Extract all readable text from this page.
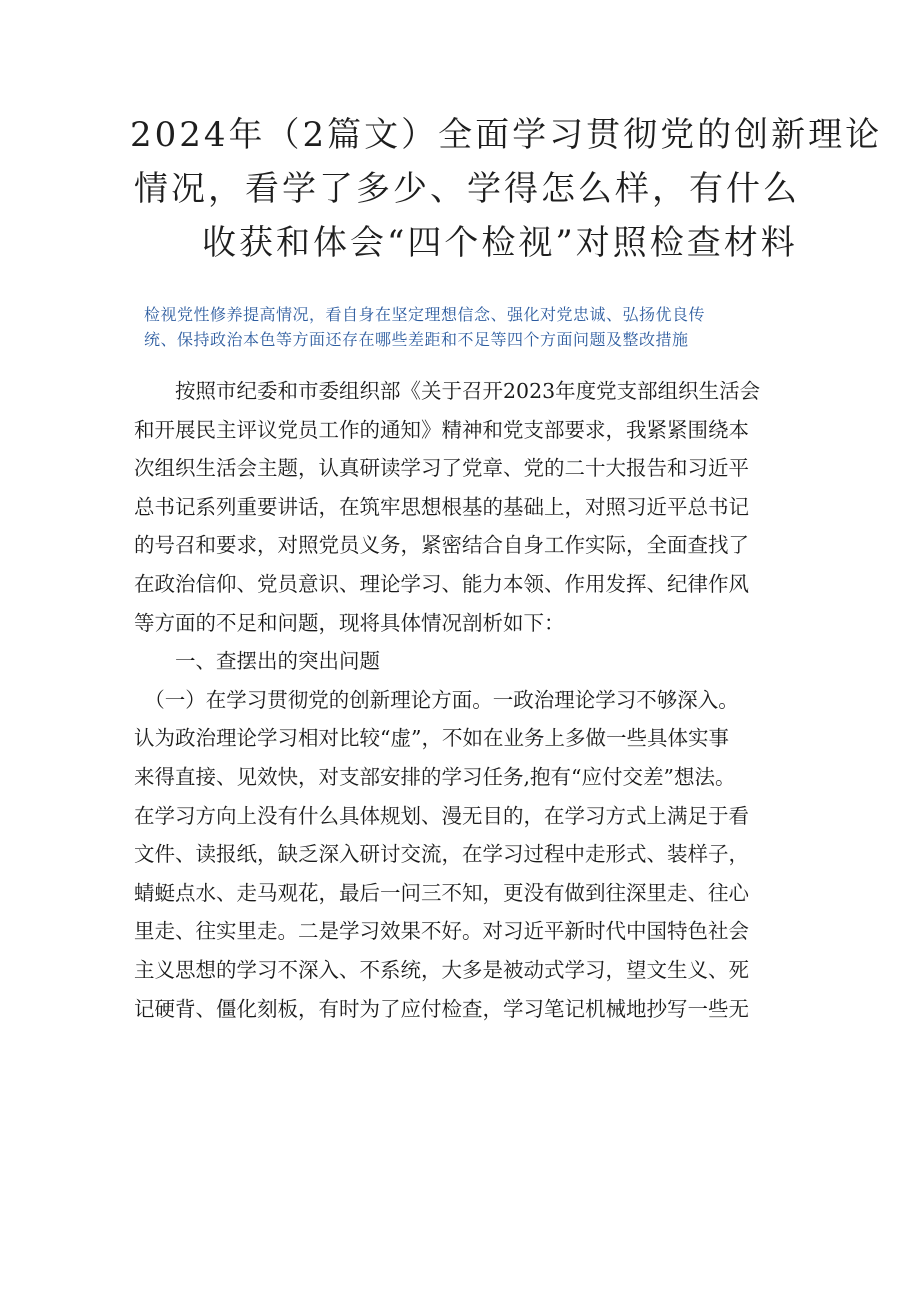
2024年（2篇文）全面学习贯彻党的创新理论
情况，看学了多少、学得怎么样，有什么
收获和体会“四个检视”对照检查材料
检视党性修养提高情况，看自身在坚定理想信念、强化对党忠诚、弘扬优良传
统、保持政治本色等方面还存在哪些差距和不足等四个方面问题及整改措施
　　按照市纪委和市委组织部《关于召开2023年度党支部组织生活会
和开展民主评议党员工作的通知》精神和党支部要求，我紧紧围绕本
次组织生活会主题，认真研读学习了党章、党的二十大报告和习近平
总书记系列重要讲话，在筑牢思想根基的基础上，对照习近平总书记
的号召和要求，对照党员义务，紧密结合自身工作实际，全面查找了
在政治信仰、党员意识、理论学习、能力本领、作用发挥、纪律作风
等方面的不足和问题，现将具体情况剖析如下：
　　一、查摆出的突出问题
　（一）在学习贯彻党的创新理论方面。一政治理论学习不够深入。
认为政治理论学习相对比较“虚”，不如在业务上多做一些具体实事
来得直接、见效快，对支部安排的学习任务,抱有“应付交差”想法。
在学习方向上没有什么具体规划、漫无目的，在学习方式上满足于看
文件、读报纸，缺乏深入研讨交流，在学习过程中走形式、装样子，
蜻蜓点水、走马观花，最后一问三不知，更没有做到往深里走、往心
里走、往实里走。二是学习效果不好。对习近平新时代中国特色社会
主义思想的学习不深入、不系统，大多是被动式学习，望文生义、死
记硬背、僵化刻板，有时为了应付检查，学习笔记机械地抄写一些无
